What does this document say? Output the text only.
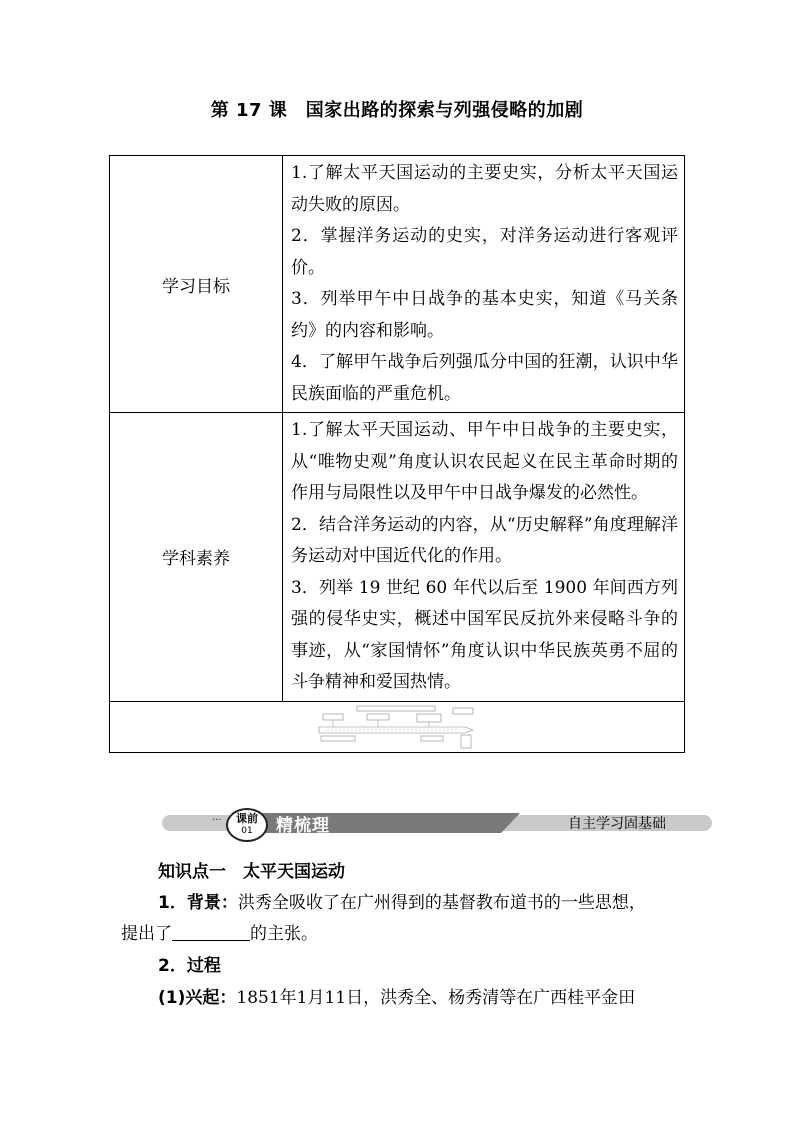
第 17 课　国家出路的探索与列强侵略的加剧
学习目标	1.了解太平天国运动的主要史实，分析太平天国运动失败的原因。

2．掌握洋务运动的史实，对洋务运动进行客观评价。

3．列举甲午中日战争的基本史实，知道《马关条约》的内容和影响。

4．了解甲午战争后列强瓜分中国的狂潮，认识中华民族面临的严重危机。

学科素养	1.了解太平天国运动、甲午中日战争的主要史实，从“唯物史观”角度认识农民起义在民主革命时期的作用与局限性以及甲午中日战争爆发的必然性。

2．结合洋务运动的内容，从“历史解释”角度理解洋务运动对中国近代化的作用。

3．列举 19 世纪 60 年代以后至 1900 年间西方列强的侵华史实，概述中国军民反抗外来侵略斗争的事迹，从“家国情怀”角度认识中华民族英勇不屈的斗争精神和爱国热情。

···	课前
01	精梳理	自主学习固基础
知识点一　太平天国运动
1．背景：洪秀全吸收了在广州得到的基督教布道书的一些思想，
提出了	的主张。
2．过程
(1)兴起：1851年1月11日，洪秀全、杨秀清等在广西桂平金田
